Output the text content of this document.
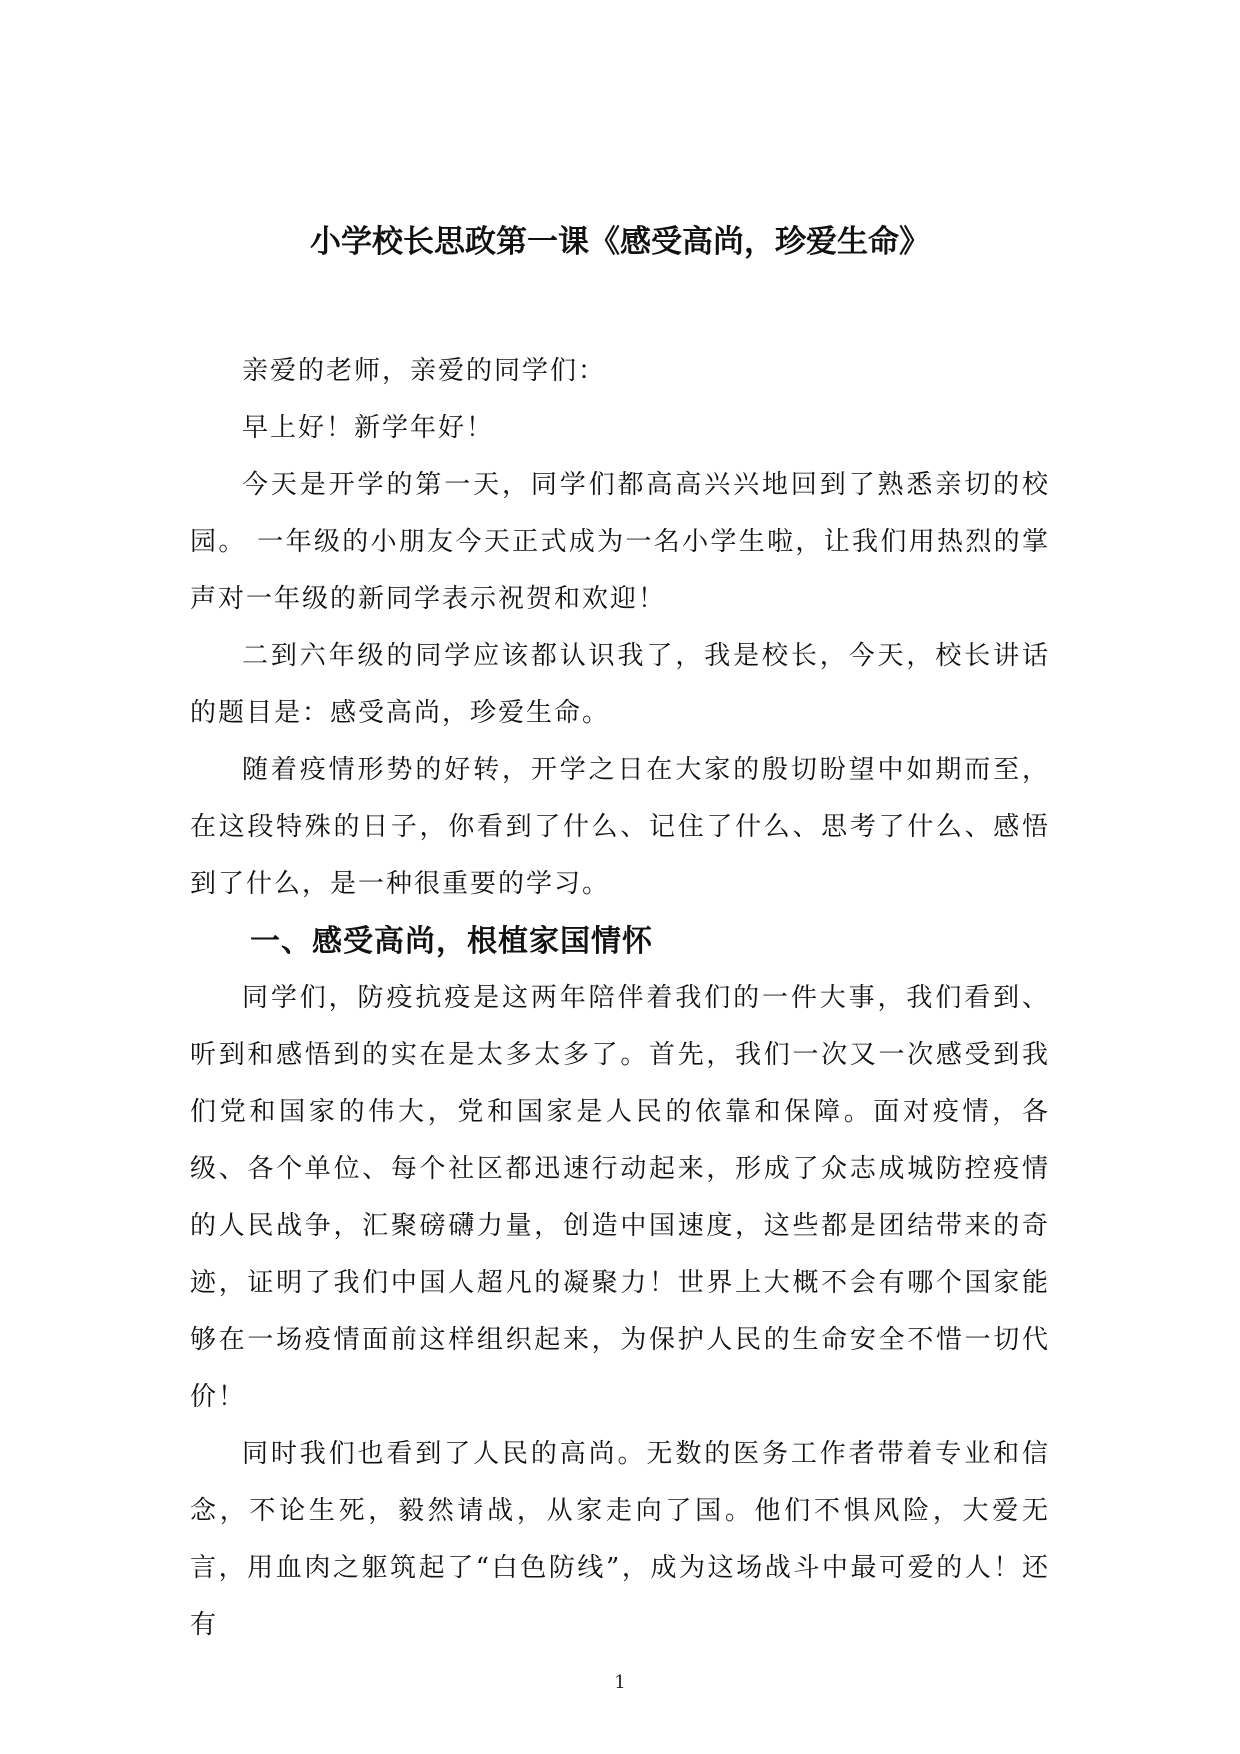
小学校长思政第一课《感受高尚，珍爱生命》

亲爱的老师，亲爱的同学们：

早上好！新学年好！

今天是开学的第一天，同学们都高高兴兴地回到了熟悉亲切的校园。 一年级的小朋友今天正式成为一名小学生啦，让我们用热烈的掌声对一年级的新同学表示祝贺和欢迎！

二到六年级的同学应该都认识我了，我是校长，今天，校长讲话的题目是：感受高尚，珍爱生命。

随着疫情形势的好转，开学之日在大家的殷切盼望中如期而至，在这段特殊的日子，你看到了什么、记住了什么、思考了什么、感悟到了什么，是一种很重要的学习。

一、感受高尚，根植家国情怀

同学们，防疫抗疫是这两年陪伴着我们的一件大事，我们看到、听到和感悟到的实在是太多太多了。首先，我们一次又一次感受到我们党和国家的伟大，党和国家是人民的依靠和保障。面对疫情，各级、各个单位、每个社区都迅速行动起来，形成了众志成城防控疫情的人民战争，汇聚磅礴力量，创造中国速度，这些都是团结带来的奇迹，证明了我们中国人超凡的凝聚力！世界上大概不会有哪个国家能够在一场疫情面前这样组织起来，为保护人民的生命安全不惜一切代价！

同时我们也看到了人民的高尚。无数的医务工作者带着专业和信念，不论生死，毅然请战，从家走向了国。他们不惧风险，大爱无言，用血肉之躯筑起了“白色防线”，成为这场战斗中最可爱的人！还有

1
